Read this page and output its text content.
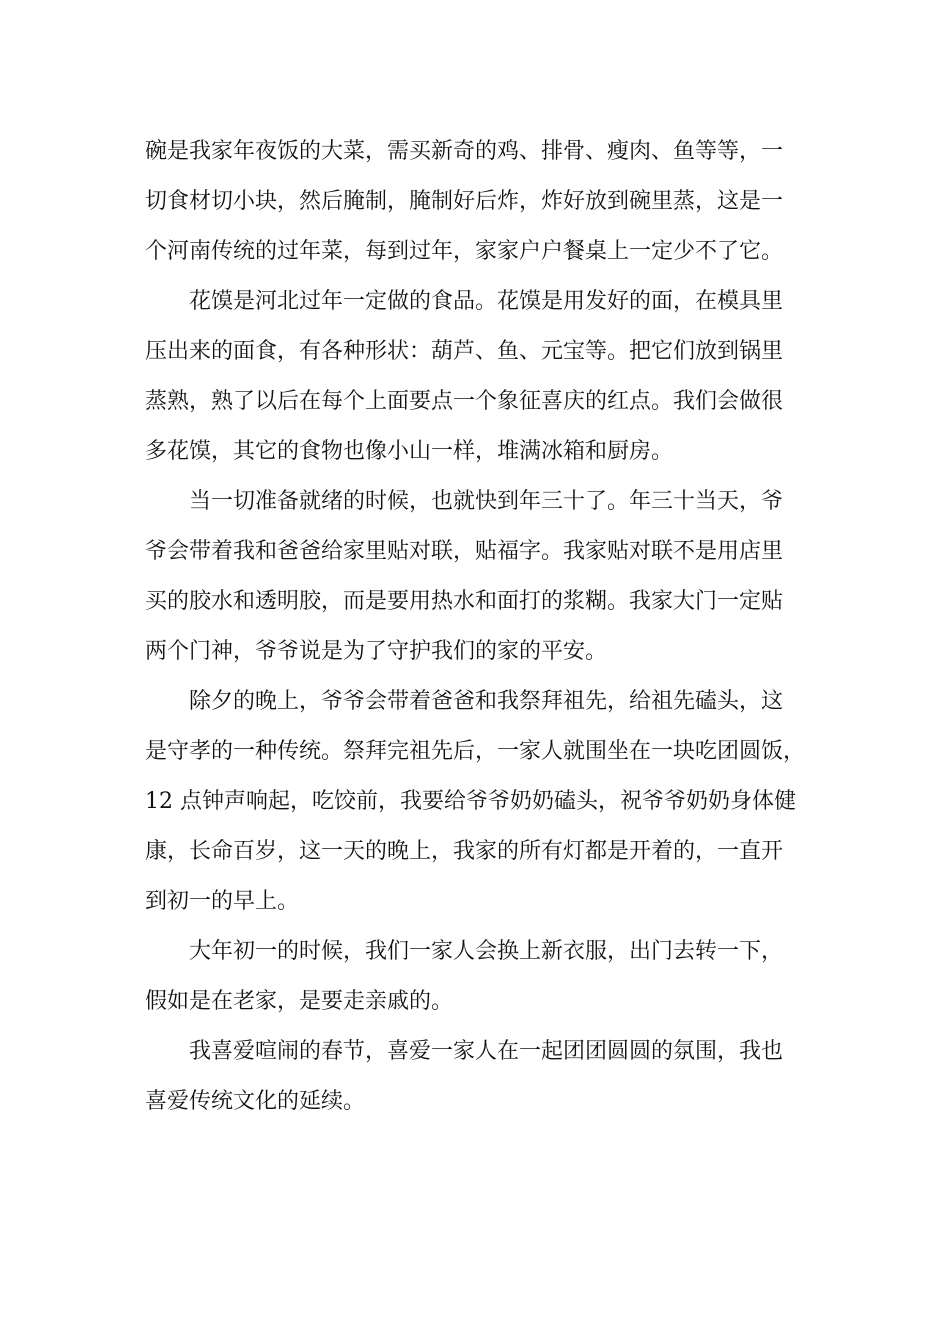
碗是我家年夜饭的大菜，需买新奇的鸡、排骨、瘦肉、鱼等等，一
切食材切小块，然后腌制，腌制好后炸，炸好放到碗里蒸，这是一
个河南传统的过年菜，每到过年，家家户户餐桌上一定少不了它。

花馍是河北过年一定做的食品。花馍是用发好的面，在模具里
压出来的面食，有各种形状：葫芦、鱼、元宝等。把它们放到锅里
蒸熟，熟了以后在每个上面要点一个象征喜庆的红点。我们会做很
多花馍，其它的食物也像小山一样，堆满冰箱和厨房。

当一切准备就绪的时候，也就快到年三十了。年三十当天，爷
爷会带着我和爸爸给家里贴对联，贴福字。我家贴对联不是用店里
买的胶水和透明胶，而是要用热水和面打的浆糊。我家大门一定贴
两个门神，爷爷说是为了守护我们的家的平安。

除夕的晚上，爷爷会带着爸爸和我祭拜祖先，给祖先磕头，这
是守孝的一种传统。祭拜完祖先后，一家人就围坐在一块吃团圆饭，
12 点钟声响起，吃饺前，我要给爷爷奶奶磕头，祝爷爷奶奶身体健
康，长命百岁，这一天的晚上，我家的所有灯都是开着的，一直开
到初一的早上。

大年初一的时候，我们一家人会换上新衣服，出门去转一下，
假如是在老家，是要走亲戚的。

我喜爱喧闹的春节，喜爱一家人在一起团团圆圆的氛围，我也
喜爱传统文化的延续。
